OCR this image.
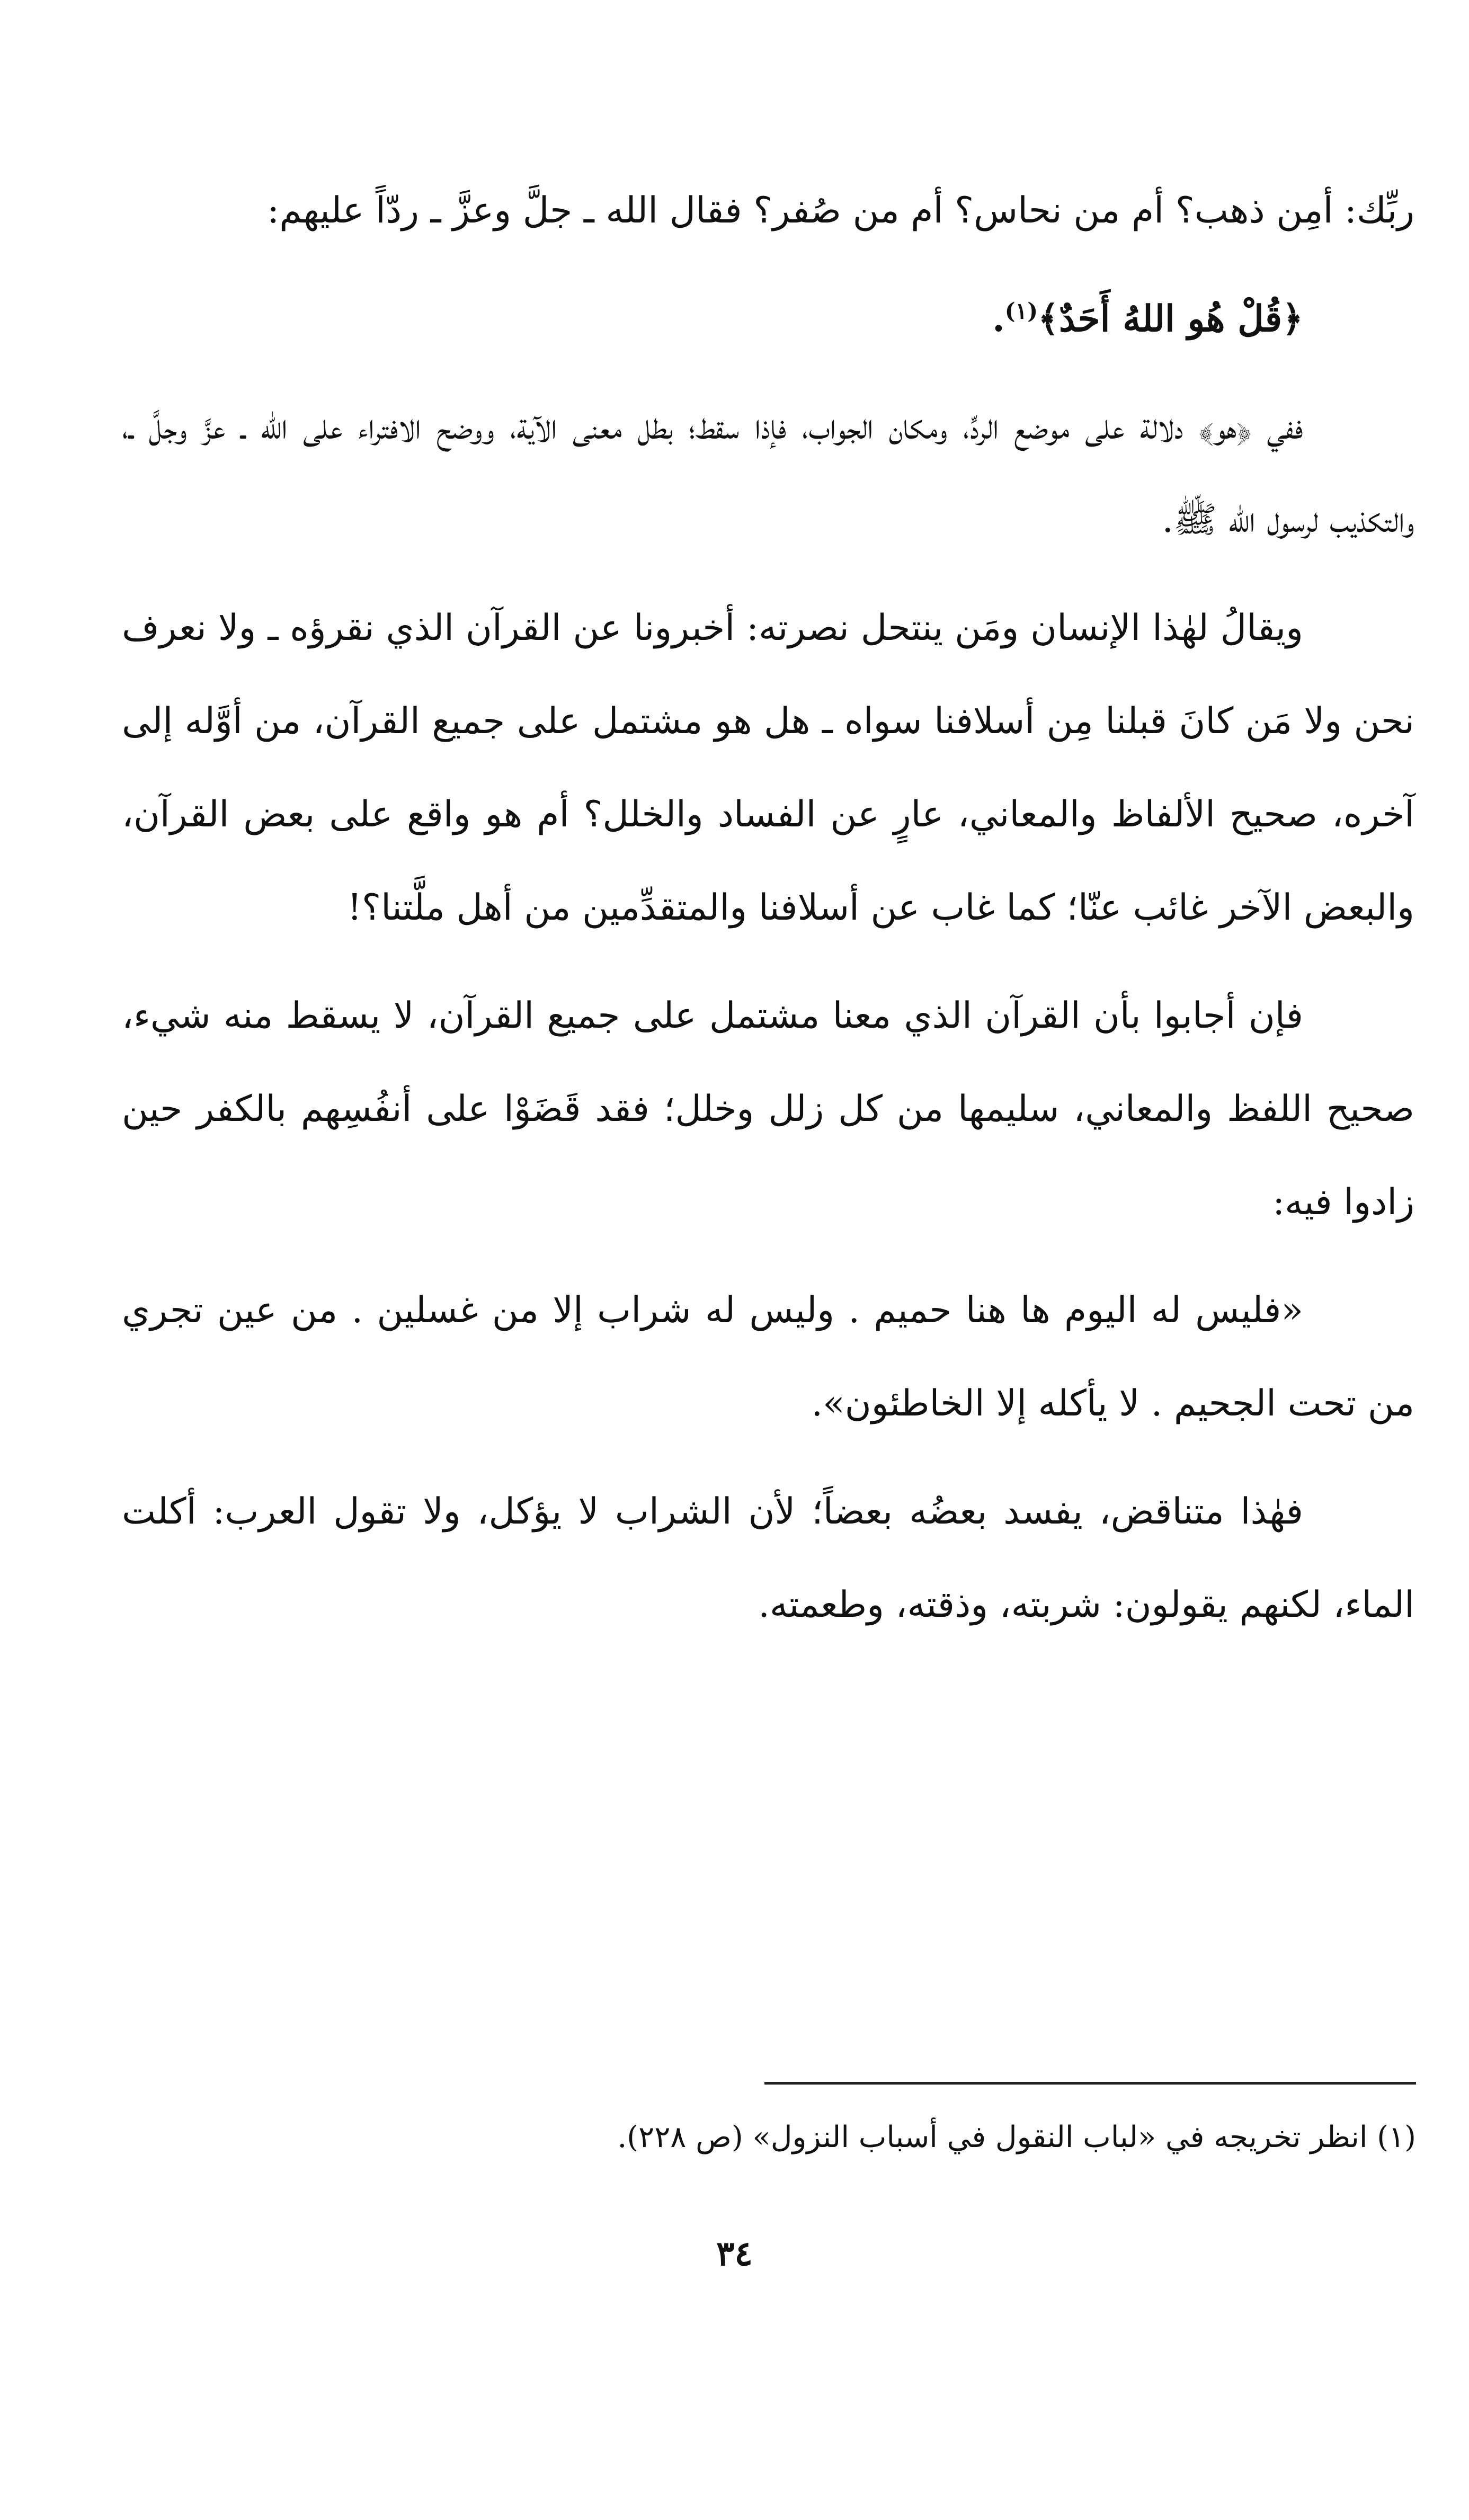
ربِّك: أمِن ذهب؟ أم من نحاس؟ أم من صُفر؟ فقال الله ـ جلَّ وعزَّ ـ ردّاً عليهم:

﴿قُلْ هُو اللهُ أَحَدٌ﴾$^{(١)}$.

ففي ﴿هو﴾ دلالة على موضع الردِّ، ومكان الجواب، فإذا سقط؛ بطل معنى الآية، ووضح الافتراء على الله ـ عزَّ وجلَّ ـ، والتكذيب لرسول الله ﷺ.

ويقالُ لهٰذا الإنسان ومَن ينتحل نصرته: أخبرونا عن القرآن الذي نقرؤه ـ ولا نعرف نحن ولا مَن كانَ قبلنا مِن أسلافنا سواه ـ هل هو مشتمل على جميع القرآن، من أوَّله إلى آخره، صحيح الألفاظ والمعاني، عارٍ عن الفساد والخلل؟ أم هو واقع على بعض القرآن، والبعض الآخر غائب عنّا؛ كما غاب عن أسلافنا والمتقدِّمين من أهل ملَّتنا؟!

فإن أجابوا بأن القرآن الذي معنا مشتمل على جميع القرآن، لا يسقط منه شيء، صحيح اللفظ والمعاني، سليمها من كل زلل وخلل؛ فقد قَضَوْا على أنفُسِهم بالكفر حين زادوا فيه:

«فليس له اليوم ها هنا حميم . وليس له شراب إلا من غسلين . من عين تجري من تحت الجحيم . لا يأكله إلا الخاطئون».

فهٰذا متناقض، يفسد بعضُه بعضاً؛ لأن الشراب لا يؤكل، ولا تقول العرب: أكلت الماء، لكنهم يقولون: شربته، وذقته، وطعمته.

(١) انظر تخريجه في «لباب النقول في أسباب النزول» (ص ٢٢٨).
٣٤
